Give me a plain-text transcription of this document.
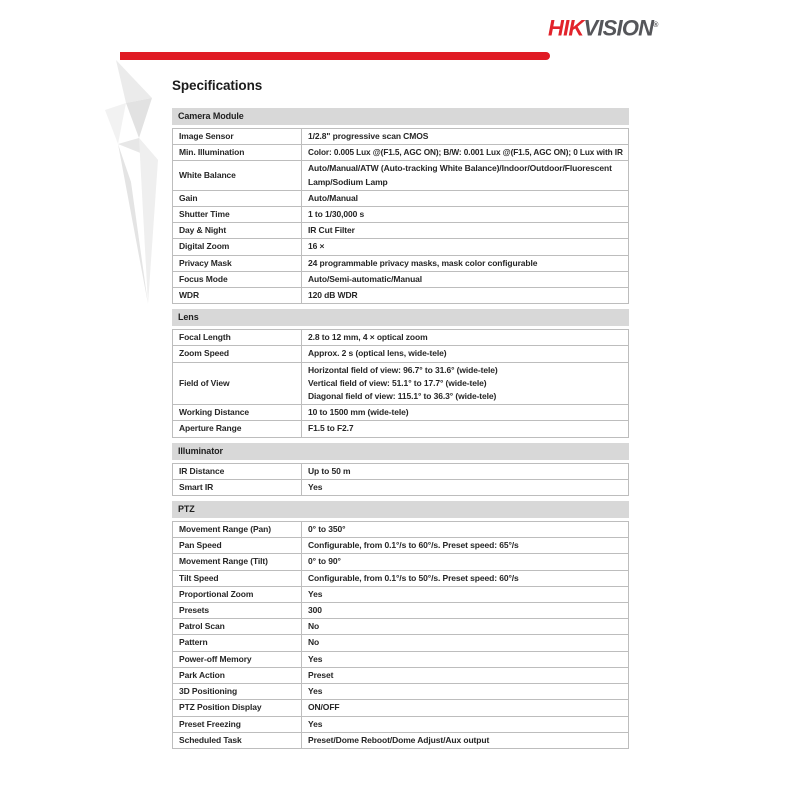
HIKVISION®
Specifications
Camera Module
Image Sensor	1/2.8" progressive scan CMOS

Min. Illumination	Color: 0.005 Lux @(F1.5, AGC ON); B/W: 0.001 Lux @(F1.5, AGC ON); 0 Lux with IR

White Balance	Auto/Manual/ATW (Auto-tracking White Balance)/Indoor/Outdoor/Fluorescent
Lamp/Sodium Lamp

Gain	Auto/Manual

Shutter Time	1 to 1/30,000 s

Day & Night	IR Cut Filter

Digital Zoom	16 ×

Privacy Mask	24 programmable privacy masks, mask color configurable

Focus Mode	Auto/Semi-automatic/Manual

WDR	120 dB WDR
Lens
Focal Length	2.8 to 12 mm, 4 × optical zoom

Zoom Speed	Approx. 2 s (optical lens, wide-tele)

Field of View	Horizontal field of view: 96.7° to 31.6° (wide-tele)
Vertical field of view: 51.1° to 17.7° (wide-tele)
Diagonal field of view: 115.1° to 36.3° (wide-tele)

Working Distance	10 to 1500 mm (wide-tele)

Aperture Range	F1.5 to F2.7
Illuminator
IR Distance	Up to 50 m

Smart IR	Yes
PTZ
Movement Range (Pan)	0° to 350°

Pan Speed	Configurable, from 0.1°/s to 60°/s. Preset speed: 65°/s

Movement Range (Tilt)	0° to 90°

Tilt Speed	Configurable, from 0.1°/s to 50°/s. Preset speed: 60°/s

Proportional Zoom	Yes

Presets	300

Patrol Scan	No

Pattern	No

Power-off Memory	Yes

Park Action	Preset

3D Positioning	Yes

PTZ Position Display	ON/OFF

Preset Freezing	Yes

Scheduled Task	Preset/Dome Reboot/Dome Adjust/Aux output
